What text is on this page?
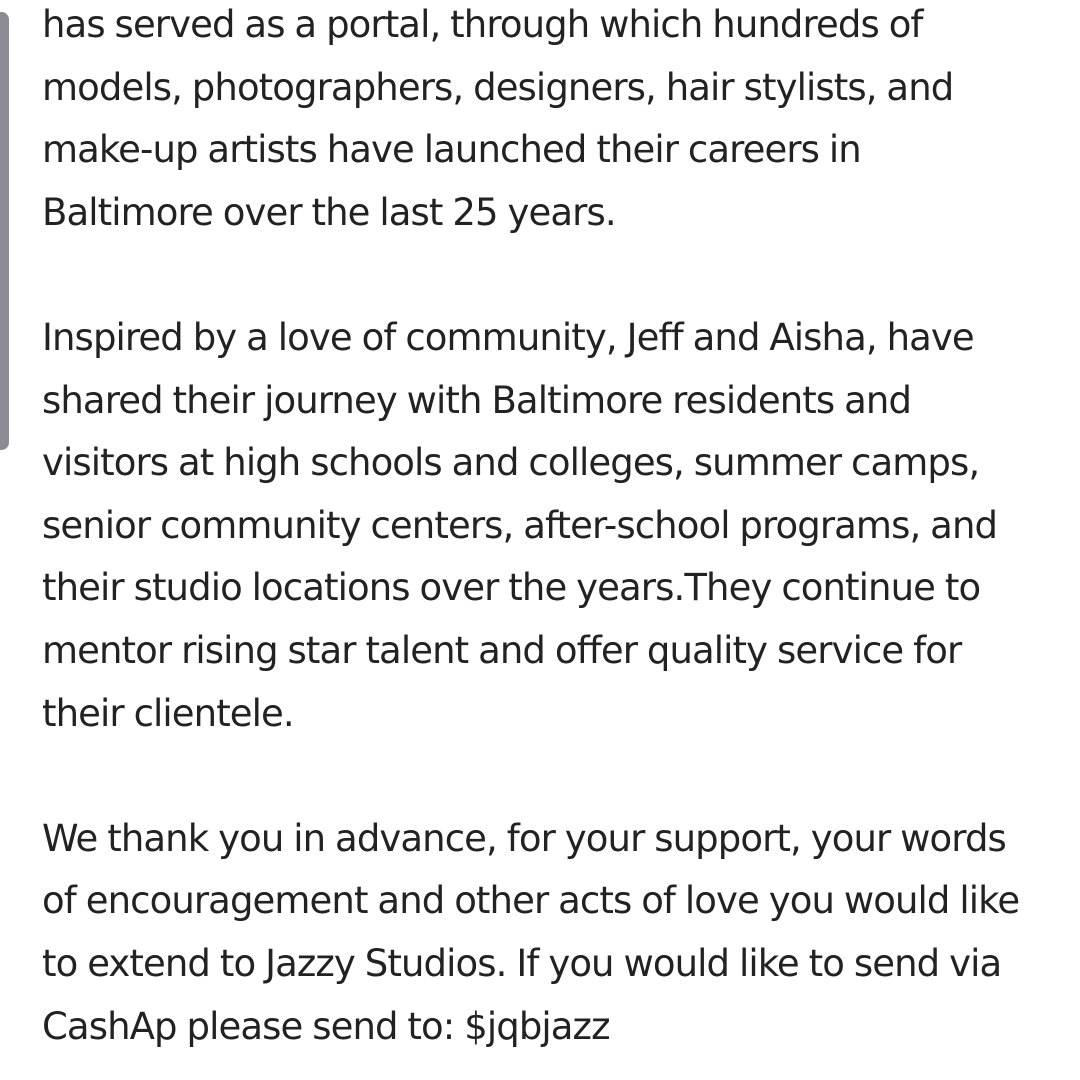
has served as a portal, through which hundreds of
models, photographers, designers, hair stylists, and
make-up artists have launched their careers in
Baltimore over the last 25 years.
Inspired by a love of community, Jeff and Aisha, have
shared their journey with Baltimore residents and
visitors at high schools and colleges, summer camps,
senior community centers, after-school programs, and
their studio locations over the years.They continue to
mentor rising star talent and offer quality service for
their clientele.
We thank you in advance, for your support, your words
of encouragement and other acts of love you would like
to extend to Jazzy Studios. If you would like to send via
CashAp please send to: $jqbjazz
